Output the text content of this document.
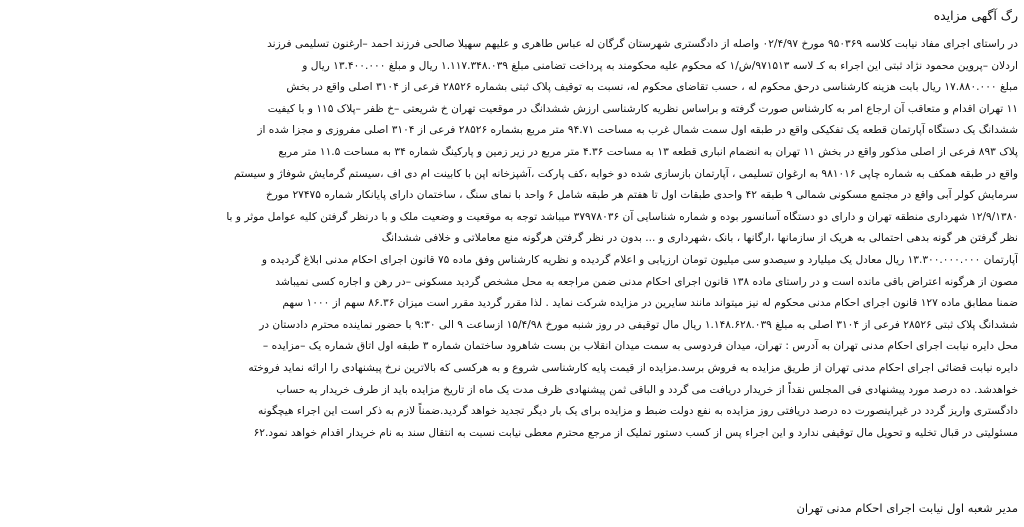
رگ آگهی مزایده

در راستای اجرای مفاد نیابت کلاسه ۹۵۰۳۶۹ مورخ ۰۲/۴/۹۷ واصله از دادگستری شهرستان گرگان له عباس طاهری و علیهم سهیلا صالحی فرزند احمد –ارغنون تسلیمی فرزند

اردلان –پروین محمود نژاد ثبتی این اجراء به کـ لاسه ۹۷۱۵۱۳/ش/۱ که محکوم علیه محکومند به پرداخت تضامنی مبلغ ۱.۱۱۷.۳۴۸.۰۳۹ ریال و مبلغ ۱۳.۴۰۰.۰۰۰ ریال و

مبلغ ۱۷.۸۸۰.۰۰۰ ریال بابت هزینه کارشناسی درحق محکوم له ، حسب تقاضای محکوم له، نسبت به توقیف پلاک ثبتی بشماره ۲۸۵۲۶ فرعی از ۳۱۰۴ اصلی واقع در بخش

۱۱ تهران اقدام و متعاقب آن ارجاع امر به کارشناس صورت گرفته و براساس نظریه کارشناسی ارزش ششدانگ در موقعیت تهران خ شریعتی –خ ظفر –پلاک ۱۱۵ و با کیفیت

ششدانگ یک دستگاه آپارتمان قطعه یک تفکیکی واقع در طبقه اول سمت شمال غرب به مساحت ۹۴.۷۱ متر مربع بشماره ۲۸۵۲۶ فرعی از ۳۱۰۴ اصلی مفروزی و مجزا شده از

پلاک ۸۹۳ فرعی از اصلی مذکور واقع در بخش ۱۱ تهران به انضمام انباری قطعه ۱۳ به مساحت ۴.۳۶ متر مربع در زیر زمین و پارکینگ شماره ۳۴ به مساحت ۱۱.۵ متر مربع

واقع در طبقه همکف به شماره چاپی ۹۸۱۰۱۶ به ارغوان تسلیمی ، آپارتمان بازسازی شده دو خوابه ،کف پارکت ،آشپزخانه اپن با کابینت ام دی اف ،سیستم گرمایش شوفاژ و سیستم

سرمایش کولر آبی واقع در مجتمع مسکونی شمالی ۹ طبقه ۴۲ واحدی طبقات اول تا هفتم هر طبقه شامل ۶ واحد با نمای سنگ ، ساختمان دارای پایانکار شماره ۲۷۴۷۵ مورخ

۱۲/۹/۱۳۸۰ شهرداری منطقه تهران و دارای دو دستگاه آسانسور بوده و شماره شناسایی آن ۳۷۹۷۸۰۳۶ میباشد توجه به موقعیت و وضعیت ملک و با درنظر گرفتن کلیه عوامل موثر و با

نظر گرفتن هر گونه بدهی احتمالی به هریک از سازمانها ،ارگانها ، بانک ،شهرداری و ... بدون در نظر گرفتن هرگونه منع معاملاتی و خلافی ششدانگ

آپارتمان ۱۳.۳۰۰.۰۰۰.۰۰۰ ریال معادل یک میلیارد و سیصدو سی میلیون تومان ارزیابی و اعلام گردیده و نظریه کارشناس وفق ماده ۷۵ قانون اجرای احکام مدنی ابلاغ گردیده و

مصون از هرگونه اعتراض باقی مانده است و در راستای ماده ۱۳۸ قانون اجرای احکام مدنی ضمن مراجعه به محل مشخص گردید مسکونی –در رهن و اجاره کسی نمیباشد

ضمنا مطابق ماده ۱۲۷ قانون اجرای احکام مدنی محکوم له نیز میتواند مانند سایرین در مزایده شرکت نماید . لذا مقرر گردید مقرر است میزان ۸۶.۳۶ سهم از ۱۰۰۰ سهم

ششدانگ پلاک ثبتی ۲۸۵۲۶ فرعی از ۳۱۰۴ اصلی به مبلغ ۱.۱۴۸.۶۲۸.۰۳۹ ریال مال توقیفی در روز شنبه مورخ ۱۵/۴/۹۸ ازساعت ۹ الی ۹:۳۰ با حضور نماینده محترم دادستان در

محل دایره نیابت اجرای احکام مدنی تهران به آدرس : تهران، میدان فردوسی به سمت میدان انقلاب بن بست شاهرود ساختمان شماره ۳ طبقه اول اتاق شماره یک –مزایده –

دایره نیابت قضائی اجرای احکام مدنی تهران از طریق مزایده به فروش برسد.مزایده از قیمت پایه کارشناسی شروع و به هرکسی که بالاترین نرخ پیشنهادی را ارائه نماید فروخته

خواهدشد. ده درصد مورد پیشنهادی فی المجلس نقداً از خریدار دریافت می گردد و الباقی ثمن پیشنهادی ظرف مدت یک ماه از تاریخ مزایده باید از طرف خریدار به حساب

دادگستری واریز گردد در غیراینصورت ده درصد دریافتی روز مزایده به نفع دولت ضبط و مزایده برای یک بار دیگر تجدید خواهد گردید.ضمناً لازم به ذکر است این اجراء هیچگونه

مسئولیتی در قبال تخلیه و تحویل مال توقیفی ندارد و این اجراء پس از کسب دستور تملیک از مرجع محترم معطی نیابت نسبت به انتقال سند به نام خریدار اقدام خواهد نمود.۶۲

مدیر شعبه اول نیابت اجرای احکام مدنی تهران
